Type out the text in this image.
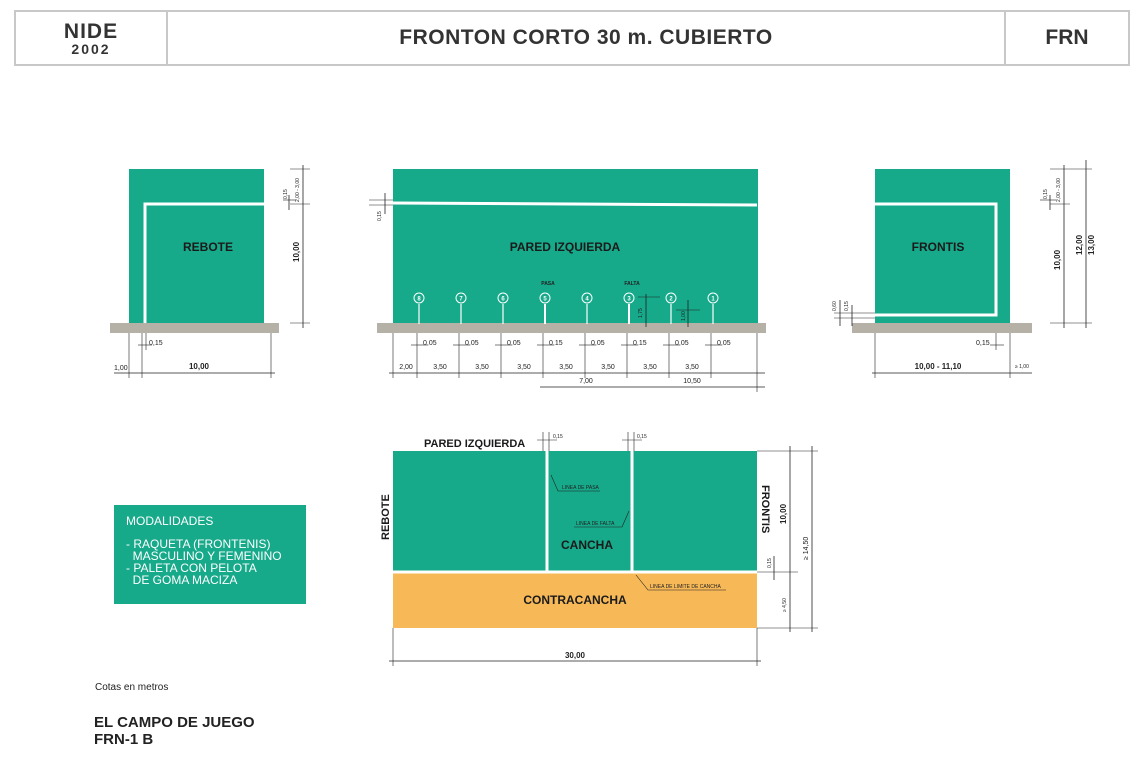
NIDE
2002	FRONTON CORTO 30 m. CUBIERTO	FRN
REBOTE
0,15 2,00 - 3,00
10,00
0,15
1,00	10,00
PARED IZQUIERDA
0,15
PASA	FALTA
1,75	1,00
8	7	6	5	4	3	2	1
0,05	0,05	0,05	0,15	0,05	0,15	0,05	0,05
2,00	3,50	3,50	3,50	3,50	3,50	3,50	3,50
7,00	10,50
FRONTIS
0,15 2,00 - 3,00
10,00
12,00 13,00
0,60 0,15
0,15
10,00 - 11,10	≥ 1,00
PARED IZQUIERDA
REBOTE	FRONTIS
CANCHA
CONTRACANCHA
LINEA DE PASA
LINEA DE FALTA
LINEA DE LIMITE DE CANCHA
0,15	0,15
10,00
≥ 14,50
0,15
≥ 4,50
30,00
MODALIDADES
- RAQUETA (FRONTENIS)
MASCULINO Y FEMENINO
- PALETA CON PELOTA
DE GOMA MACIZA
Cotas en metros
EL CAMPO DE JUEGO
FRN-1 B
